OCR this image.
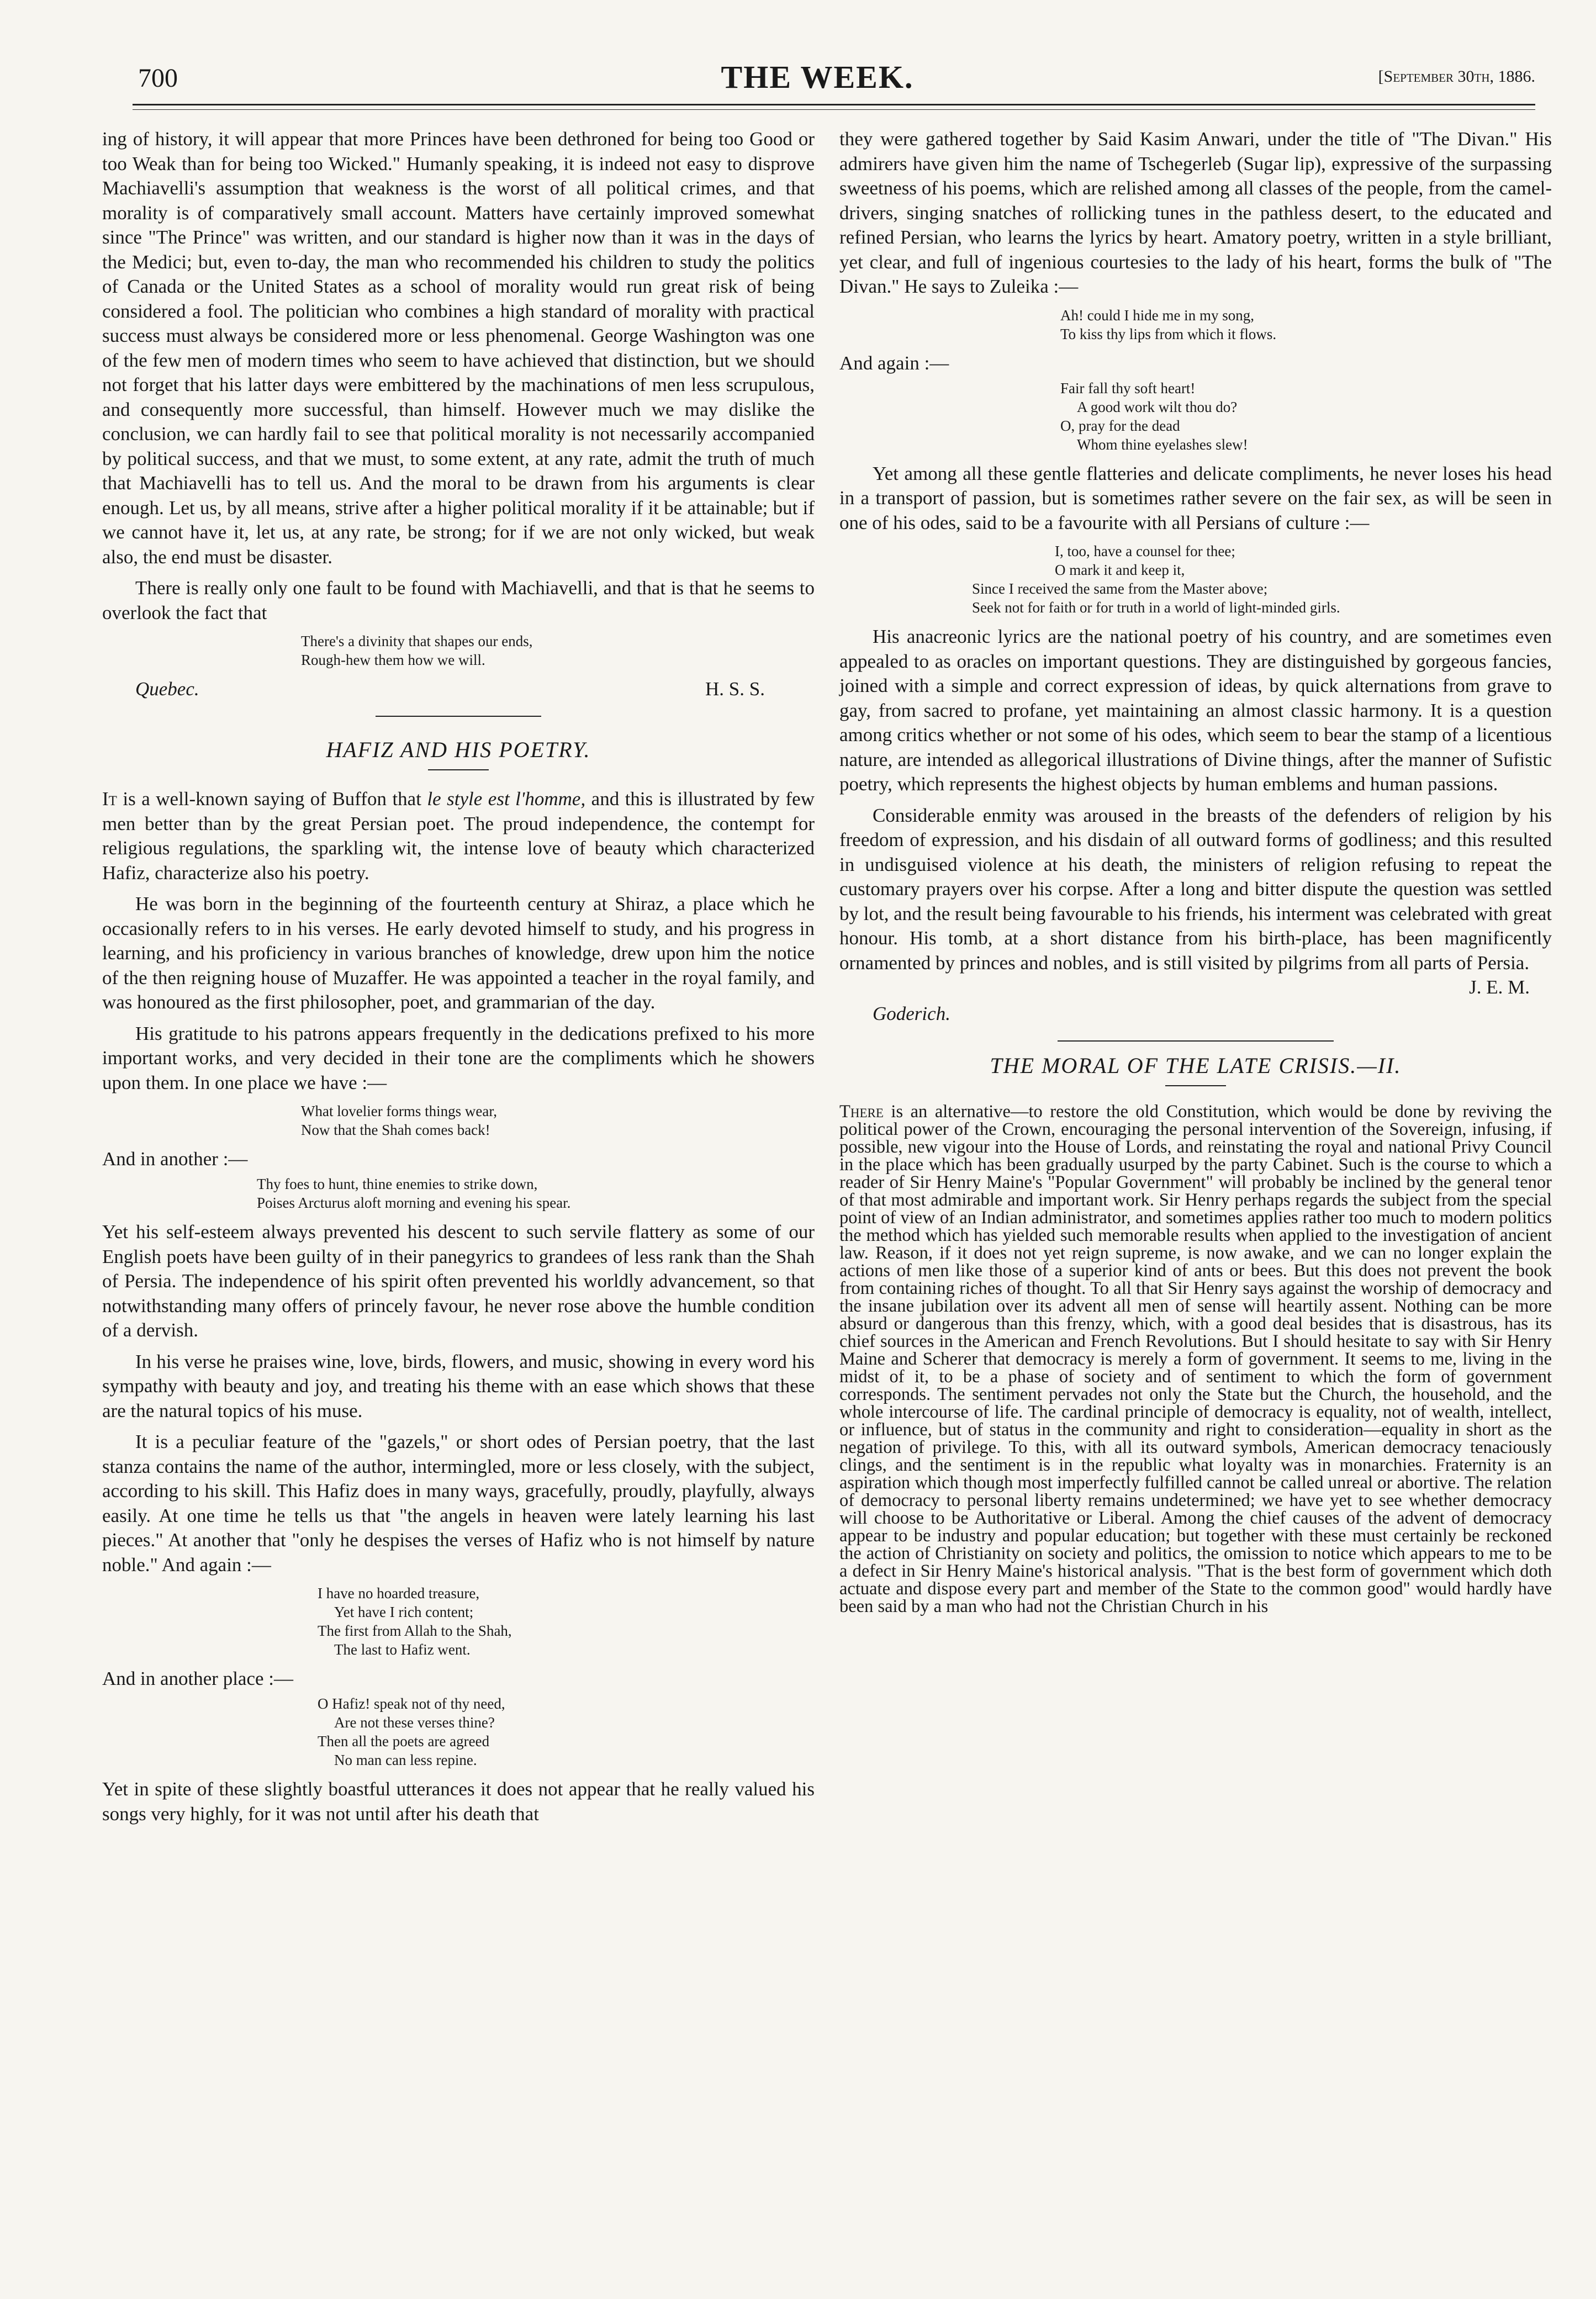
700	THE WEEK.	[September 30th, 1886.

ing of history, it will appear that more Princes have been dethroned for being too Good or too Weak than for being too Wicked." Humanly speaking, it is indeed not easy to disprove Machiavelli's assumption that weakness is the worst of all political crimes, and that morality is of comparatively small account. Matters have certainly improved somewhat since "The Prince" was written, and our standard is higher now than it was in the days of the Medici; but, even to-day, the man who recommended his children to study the politics of Canada or the United States as a school of morality would run great risk of being considered a fool. The politician who combines a high standard of morality with practical success must always be considered more or less phenomenal. George Washington was one of the few men of modern times who seem to have achieved that distinction, but we should not forget that his latter days were embittered by the machinations of men less scrupulous, and consequently more successful, than himself. However much we may dislike the conclusion, we can hardly fail to see that political morality is not necessarily accompanied by political success, and that we must, to some extent, at any rate, admit the truth of much that Machiavelli has to tell us. And the moral to be drawn from his arguments is clear enough. Let us, by all means, strive after a higher political morality if it be attainable; but if we cannot have it, let us, at any rate, be strong; for if we are not only wicked, but weak also, the end must be disaster.

There is really only one fault to be found with Machiavelli, and that is that he seems to overlook the fact that

There's a divinity that shapes our ends,
Rough-hew them how we will.
Quebec.	H. S. S.
HAFIZ AND HIS POETRY.

It is a well-known saying of Buffon that le style est l'homme, and this is illustrated by few men better than by the great Persian poet. The proud independence, the contempt for religious regulations, the sparkling wit, the intense love of beauty which characterized Hafiz, characterize also his poetry.

He was born in the beginning of the fourteenth century at Shiraz, a place which he occasionally refers to in his verses. He early devoted himself to study, and his progress in learning, and his proficiency in various branches of knowledge, drew upon him the notice of the then reigning house of Muzaffer. He was appointed a teacher in the royal family, and was honoured as the first philosopher, poet, and grammarian of the day.

His gratitude to his patrons appears frequently in the dedications prefixed to his more important works, and very decided in their tone are the compliments which he showers upon them. In one place we have :—

What lovelier forms things wear,
Now that the Shah comes back!
And in another :—
Thy foes to hunt, thine enemies to strike down,
Poises Arcturus aloft morning and evening his spear.

Yet his self-esteem always prevented his descent to such servile flattery as some of our English poets have been guilty of in their panegyrics to grandees of less rank than the Shah of Persia. The independence of his spirit often prevented his worldly advancement, so that notwithstanding many offers of princely favour, he never rose above the humble condition of a dervish.

In his verse he praises wine, love, birds, flowers, and music, showing in every word his sympathy with beauty and joy, and treating his theme with an ease which shows that these are the natural topics of his muse.

It is a peculiar feature of the "gazels," or short odes of Persian poetry, that the last stanza contains the name of the author, intermingled, more or less closely, with the subject, according to his skill. This Hafiz does in many ways, gracefully, proudly, playfully, always easily. At one time he tells us that "the angels in heaven were lately learning his last pieces." At another that "only he despises the verses of Hafiz who is not himself by nature noble." And again :—

I have no hoarded treasure,
Yet have I rich content;
The first from Allah to the Shah,
The last to Hafiz went.
And in another place :—
O Hafiz! speak not of thy need,
Are not these verses thine?
Then all the poets are agreed
No man can less repine.

Yet in spite of these slightly boastful utterances it does not appear that he really valued his songs very highly, for it was not until after his death that

they were gathered together by Said Kasim Anwari, under the title of "The Divan." His admirers have given him the name of Tschegerleb (Sugar lip), expressive of the surpassing sweetness of his poems, which are relished among all classes of the people, from the camel-drivers, singing snatches of rollicking tunes in the pathless desert, to the educated and refined Persian, who learns the lyrics by heart. Amatory poetry, written in a style brilliant, yet clear, and full of ingenious courtesies to the lady of his heart, forms the bulk of "The Divan." He says to Zuleika :—

Ah! could I hide me in my song,
To kiss thy lips from which it flows.
And again :—
Fair fall thy soft heart!
A good work wilt thou do?
O, pray for the dead
Whom thine eyelashes slew!

Yet among all these gentle flatteries and delicate compliments, he never loses his head in a transport of passion, but is sometimes rather severe on the fair sex, as will be seen in one of his odes, said to be a favourite with all Persians of culture :—

I, too, have a counsel for thee;
O mark it and keep it,
Since I received the same from the Master above;
Seek not for faith or for truth in a world of light-minded girls.

His anacreonic lyrics are the national poetry of his country, and are sometimes even appealed to as oracles on important questions. They are distinguished by gorgeous fancies, joined with a simple and correct expression of ideas, by quick alternations from grave to gay, from sacred to profane, yet maintaining an almost classic harmony. It is a question among critics whether or not some of his odes, which seem to bear the stamp of a licentious nature, are intended as allegorical illustrations of Divine things, after the manner of Sufistic poetry, which represents the highest objects by human emblems and human passions.

Considerable enmity was aroused in the breasts of the defenders of religion by his freedom of expression, and his disdain of all outward forms of godliness; and this resulted in undisguised violence at his death, the ministers of religion refusing to repeat the customary prayers over his corpse. After a long and bitter dispute the question was settled by lot, and the result being favourable to his friends, his interment was celebrated with great honour. His tomb, at a short distance from his birth-place, has been magnificently ornamented by princes and nobles, and is still visited by pilgrims from all parts of Persia.

J. E. M.
Goderich.
THE MORAL OF THE LATE CRISIS.—II.

There is an alternative—to restore the old Constitution, which would be done by reviving the political power of the Crown, encouraging the personal intervention of the Sovereign, infusing, if possible, new vigour into the House of Lords, and reinstating the royal and national Privy Council in the place which has been gradually usurped by the party Cabinet. Such is the course to which a reader of Sir Henry Maine's "Popular Government" will probably be inclined by the general tenor of that most admirable and important work. Sir Henry perhaps regards the subject from the special point of view of an Indian administrator, and sometimes applies rather too much to modern politics the method which has yielded such memorable results when applied to the investigation of ancient law. Reason, if it does not yet reign supreme, is now awake, and we can no longer explain the actions of men like those of a superior kind of ants or bees. But this does not prevent the book from containing riches of thought. To all that Sir Henry says against the worship of democracy and the insane jubilation over its advent all men of sense will heartily assent. Nothing can be more absurd or dangerous than this frenzy, which, with a good deal besides that is disastrous, has its chief sources in the American and French Revolutions. But I should hesitate to say with Sir Henry Maine and Scherer that democracy is merely a form of government. It seems to me, living in the midst of it, to be a phase of society and of sentiment to which the form of government corresponds. The sentiment pervades not only the State but the Church, the household, and the whole intercourse of life. The cardinal principle of democracy is equality, not of wealth, intellect, or influence, but of status in the community and right to consideration—equality in short as the negation of privilege. To this, with all its outward symbols, American democracy tenaciously clings, and the sentiment is in the republic what loyalty was in monarchies. Fraternity is an aspiration which though most imperfectly fulfilled cannot be called unreal or abortive. The relation of democracy to personal liberty remains undetermined; we have yet to see whether democracy will choose to be Authoritative or Liberal. Among the chief causes of the advent of democracy appear to be industry and popular education; but together with these must certainly be reckoned the action of Christianity on society and politics, the omission to notice which appears to me to be a defect in Sir Henry Maine's historical analysis. "That is the best form of government which doth actuate and dispose every part and member of the State to the common good" would hardly have been said by a man who had not the Christian Church in his
